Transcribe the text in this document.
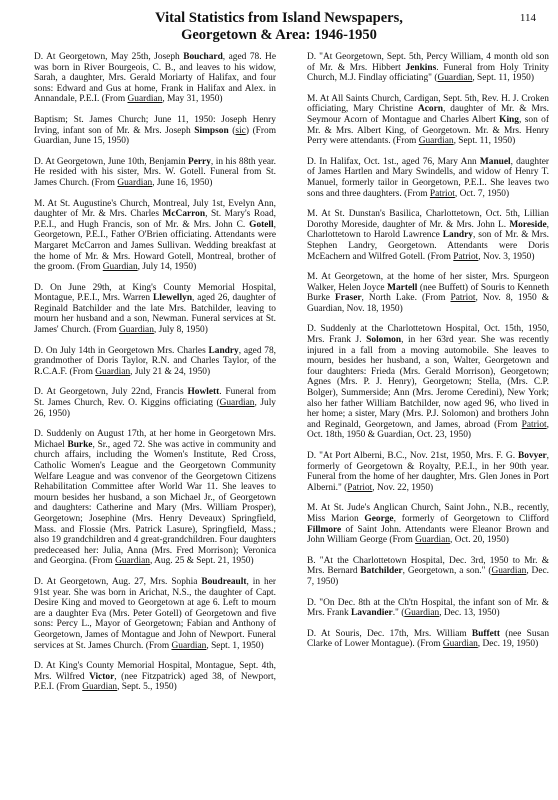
Vital Statistics from Island Newspapers,
Georgetown & Area: 1946-1950
114

D. At Georgetown, May 25th, Joseph Bouchard, aged 78. He was born in River Bourgeois, C. B., and leaves to his widow, Sarah, a daughter, Mrs. Gerald Moriarty of Halifax, and four sons: Edward and Gus at home, Frank in Halifax and Alex. in Annandale, P.E.I. (From Guardian, May 31, 1950)

Baptism; St. James Church; June 11, 1950: Joseph Henry Irving, infant son of Mr. & Mrs. Joseph Simpson (sic) (From Guardian, June 15, 1950)

D. At Georgetown, June 10th, Benjamin Perry, in his 88th year. He resided with his sister, Mrs. W. Gotell. Funeral from St. James Church. (From Guardian, June 16, 1950)

M. At St. Augustine's Church, Montreal, July 1st, Evelyn Ann, daughter of Mr. & Mrs. Charles McCarron, St. Mary's Road, P.E.I., and Hugh Francis, son of Mr. & Mrs. John C. Gotell, Georgetown, P.E.I., Father O'Brien officiating. Attendants were Margaret McCarron and James Sullivan. Wedding breakfast at the home of Mr. & Mrs. Howard Gotell, Montreal, brother of the groom. (From Guardian, July 14, 1950)

D. On June 29th, at King's County Memorial Hospital, Montague, P.E.I., Mrs. Warren Llewellyn, aged 26, daughter of Reginald Batchilder and the late Mrs. Batchilder, leaving to mourn her husband and a son, Newman. Funeral services at St. James' Church. (From Guardian, July 8, 1950)

D. On July 14th in Georgetown Mrs. Charles Landry, aged 78, grandmother of Doris Taylor, R.N. and Charles Taylor, of the R.C.A.F. (From Guardian, July 21 & 24, 1950)

D. At Georgetown, July 22nd, Francis Howlett. Funeral from St. James Church, Rev. O. Kiggins officiating (Guardian, July 26, 1950)

D. Suddenly on August 17th, at her home in Georgetown Mrs. Michael Burke, Sr., aged 72. She was active in community and church affairs, including the Women's Institute, Red Cross, Catholic Women's League and the Georgetown Community Welfare League and was convenor of the Georgetown Citizens Rehabilitation Committee after World War 11. She leaves to mourn besides her husband, a son Michael Jr., of Georgetown and daughters: Catherine and Mary (Mrs. William Prosper), Georgetown; Josephine (Mrs. Henry Deveaux) Springfield, Mass. and Flossie (Mrs. Patrick Lasure), Springfield, Mass.; also 19 grandchildren and 4 great-grandchildren. Four daughters predeceased her: Julia, Anna (Mrs. Fred Morrison); Veronica and Georgina. (From Guardian, Aug. 25 & Sept. 21, 1950)

D. At Georgetown, Aug. 27, Mrs. Sophia Boudreault, in her 91st year. She was born in Arichat, N.S., the daughter of Capt. Desire King and moved to Georgetown at age 6. Left to mourn are a daughter Eva (Mrs. Peter Gotell) of Georgetown and five sons: Percy L., Mayor of Georgetown; Fabian and Anthony of Georgetown, James of Montague and John of Newport. Funeral services at St. James Church. (From Guardian, Sept. 1, 1950)

D. At King's County Memorial Hospital, Montague, Sept. 4th, Mrs. Wilfred Victor, (nee Fitzpatrick) aged 38, of Newport, P.E.I. (From Guardian, Sept. 5., 1950)

D. "At Georgetown, Sept. 5th, Percy William, 4 month old son of Mr. & Mrs. Hibbert Jenkins. Funeral from Holy Trinity Church, M.J. Findlay officiating" (Guardian, Sept. 11, 1950)

M. At All Saints Church, Cardigan, Sept. 5th, Rev. H. J. Croken officiating, Mary Christine Acorn, daughter of Mr. & Mrs. Seymour Acorn of Montague and Charles Albert King, son of Mr. & Mrs. Albert King, of Georgetown. Mr. & Mrs. Henry Perry were attendants. (From Guardian, Sept. 11, 1950)

D. In Halifax, Oct. 1st., aged 76, Mary Ann Manuel, daughter of James Hartlen and Mary Swindells, and widow of Henry T. Manuel, formerly tailor in Georgetown, P.E.I.. She leaves two sons and three daughters. (From Patriot, Oct. 7, 1950)

M. At St. Dunstan's Basilica, Charlottetown, Oct. 5th, Lillian Dorothy Moreside, daughter of Mr. & Mrs. John L. Moreside, Charlottetown to Harold Lawrence Landry, son of Mr. & Mrs. Stephen Landry, Georgetown. Attendants were Doris McEachern and Wilfred Gotell. (From Patriot, Nov. 3, 1950)

M. At Georgetown, at the home of her sister, Mrs. Spurgeon Walker, Helen Joyce Martell (nee Buffett) of Souris to Kenneth Burke Fraser, North Lake. (From Patriot, Nov. 8, 1950 & Guardian, Nov. 18, 1950)

D. Suddenly at the Charlottetown Hospital, Oct. 15th, 1950, Mrs. Frank J. Solomon, in her 63rd year. She was recently injured in a fall from a moving automobile. She leaves to mourn, besides her husband, a son, Walter, Georgetown and four daughters: Frieda (Mrs. Gerald Morrison), Georgetown; Agnes (Mrs. P. J. Henry), Georgetown; Stella, (Mrs. C.P. Bolger), Summerside; Ann (Mrs. Jerome Ceredini), New York; also her father William Batchilder, now aged 96, who lived in her home; a sister, Mary (Mrs. P.J. Solomon) and brothers John and Reginald, Georgetown, and James, abroad (From Patriot, Oct. 18th, 1950 & Guardian, Oct. 23, 1950)

D. "At Port Alberni, B.C., Nov. 21st, 1950, Mrs. F. G. Bovyer, formerly of Georgetown & Royalty, P.E.I., in her 90th year. Funeral from the home of her daughter, Mrs. Glen Jones in Port Alberni." (Patriot, Nov. 22, 1950)

M. At St. Jude's Anglican Church, Saint John., N.B., recently, Miss Marion George, formerly of Georgetown to Clifford Fillmore of Saint John. Attendants were Eleanor Brown and John William George (From Guardian, Oct. 20, 1950)

B. "At the Charlottetown Hospital, Dec. 3rd, 1950 to Mr. & Mrs. Bernard Batchilder, Georgetown, a son." (Guardian, Dec. 7, 1950)

D. "On Dec. 8th at the Ch'tn Hospital, the infant son of Mr. & Mrs. Frank Lavandier." (Guardian, Dec. 13, 1950)

D. At Souris, Dec. 17th, Mrs. William Buffett (nee Susan Clarke of Lower Montague). (From Guardian, Dec. 19, 1950)
